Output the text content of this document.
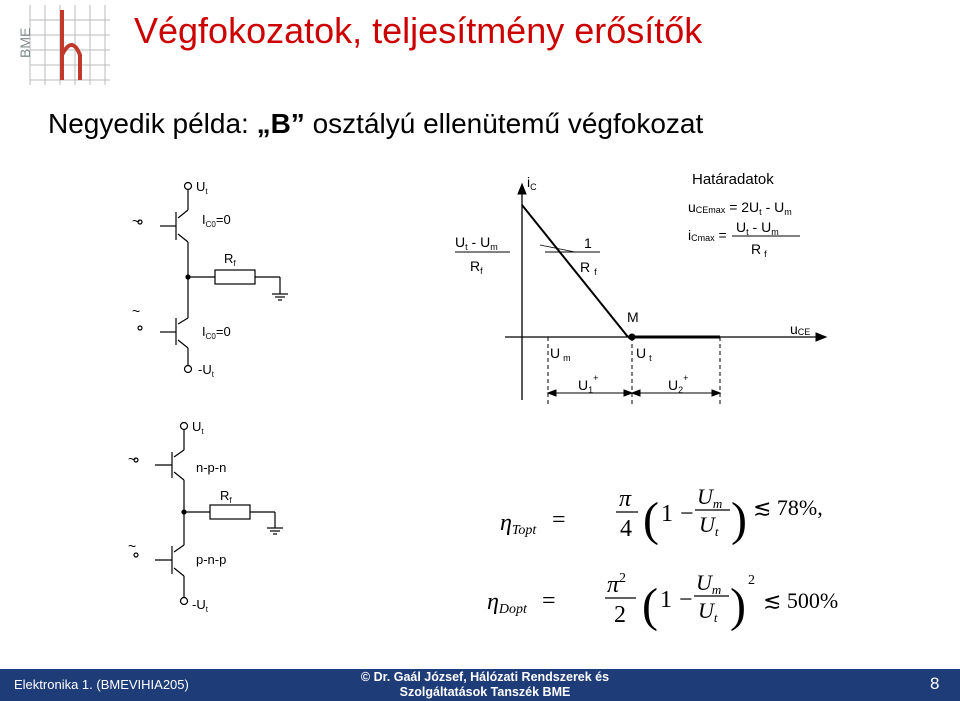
BME	Végfokozatok, teljesítmény erősítők
Negyedik példa: „B” osztályú ellenütemű végfokozat
~
~
$U_t$
$I_{C0}=0$
$R_f$
$I_{C0}=0$
$-U_t$
$i_C$
uCE
$U_t - U_m$
$R_f$
1
R $_f$
M
U $_m$	U $_t$
$U_1^+$	$U_2^+$
Határadatok
$uCEmax = 2U_t - U_m$
$iCmax = U_t - U_m$
R $_f$
~
~
$U_t$
n-p-n
$R_f$
p-n-p
$-U_t$
ηTopt =
π
4 ( 1 −
Um
Ut ) ≲ 78%,
ηDopt =
$\pi^2$
2 ( 1 −
Um
Ut ) 2
≲ 500%
Elektronika 1. (BMEVIHIA205)	© Dr. Gaál József, Hálózati Rendszerek és
Szolgáltatások Tanszék BME	8
